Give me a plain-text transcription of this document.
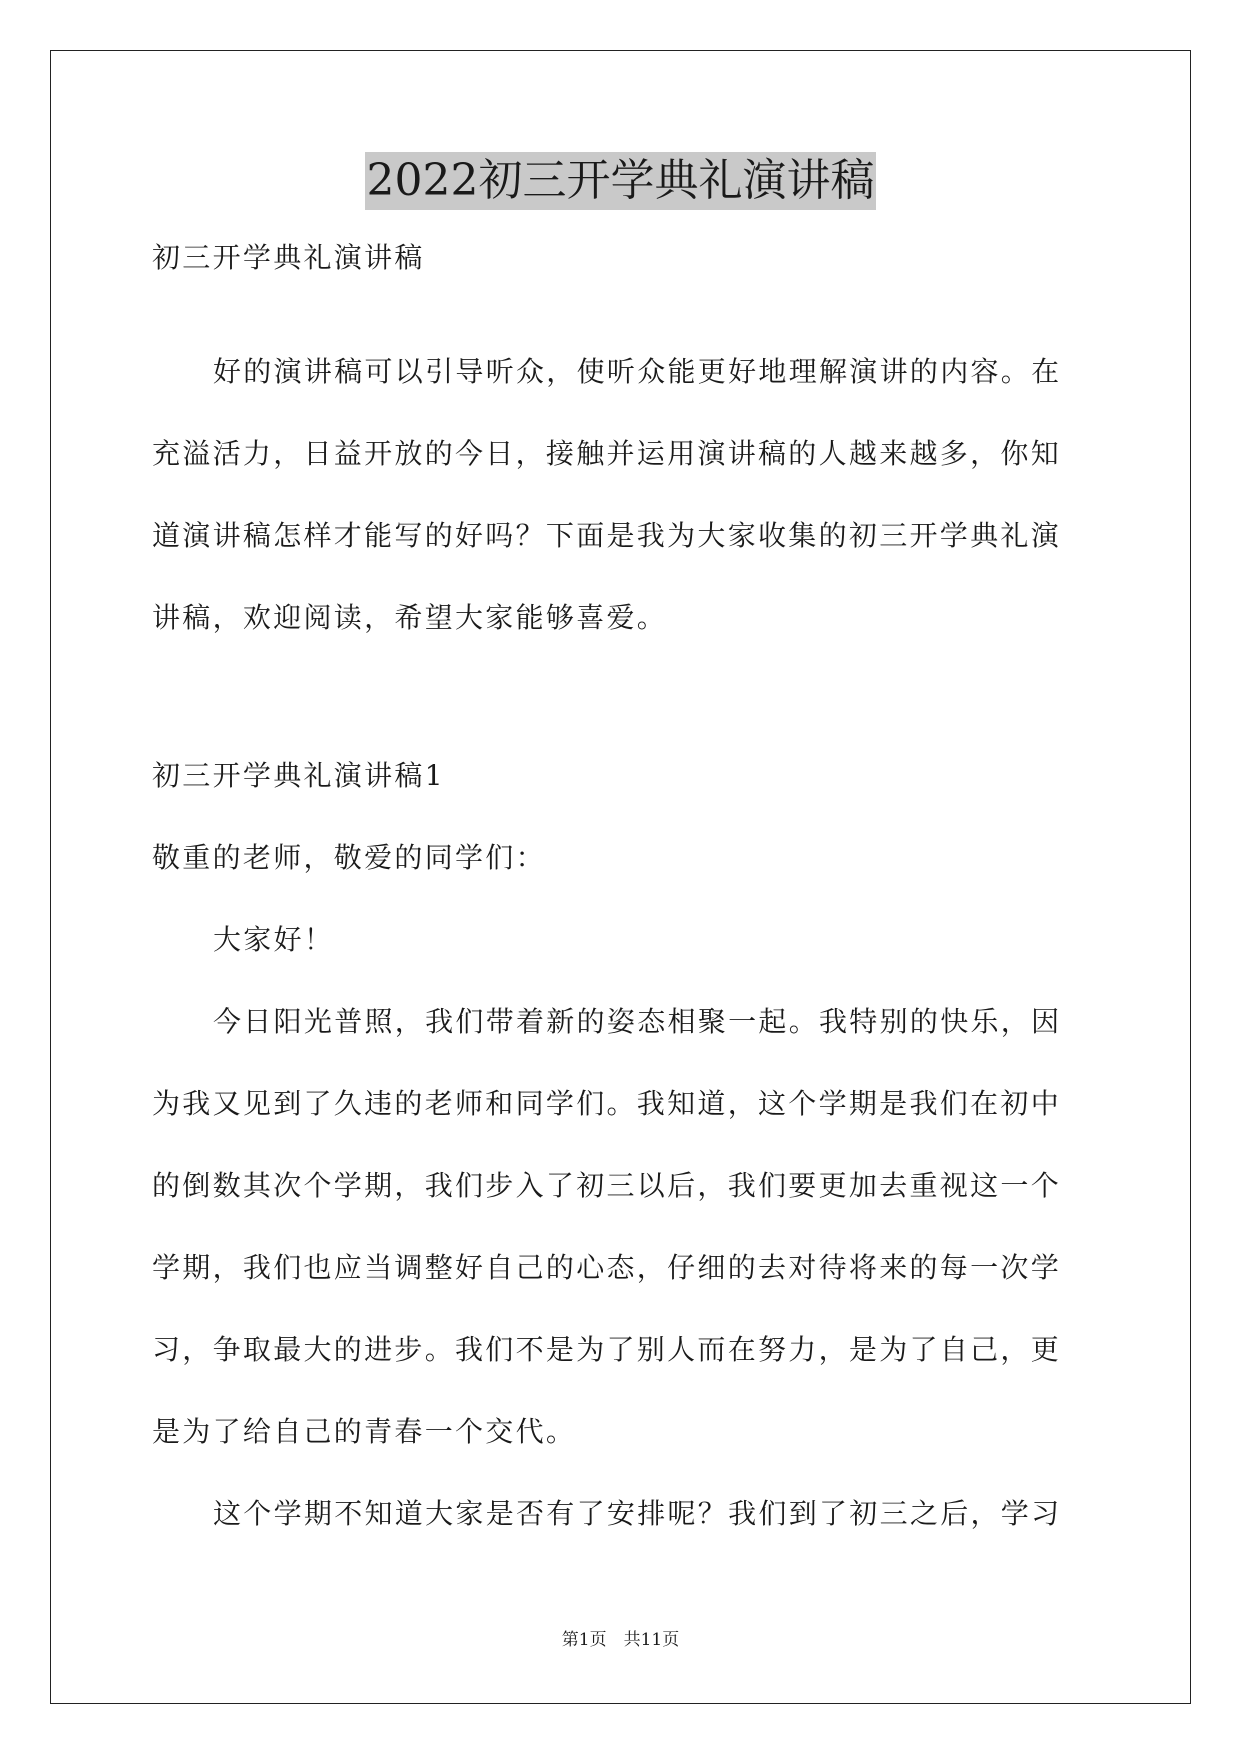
2022初三开学典礼演讲稿
初三开学典礼演讲稿
好的演讲稿可以引导听众，使听众能更好地理解演讲的内容。在
充溢活力，日益开放的今日，接触并运用演讲稿的人越来越多，你知
道演讲稿怎样才能写的好吗？下面是我为大家收集的初三开学典礼演
讲稿，欢迎阅读，希望大家能够喜爱。
初三开学典礼演讲稿1
敬重的老师，敬爱的同学们：
大家好！
今日阳光普照，我们带着新的姿态相聚一起。我特别的快乐，因
为我又见到了久违的老师和同学们。我知道，这个学期是我们在初中
的倒数其次个学期，我们步入了初三以后，我们要更加去重视这一个
学期，我们也应当调整好自己的心态，仔细的去对待将来的每一次学
习，争取最大的进步。我们不是为了别人而在努力，是为了自己，更
是为了给自己的青春一个交代。
这个学期不知道大家是否有了安排呢？我们到了初三之后，学习
第1页　共11页
